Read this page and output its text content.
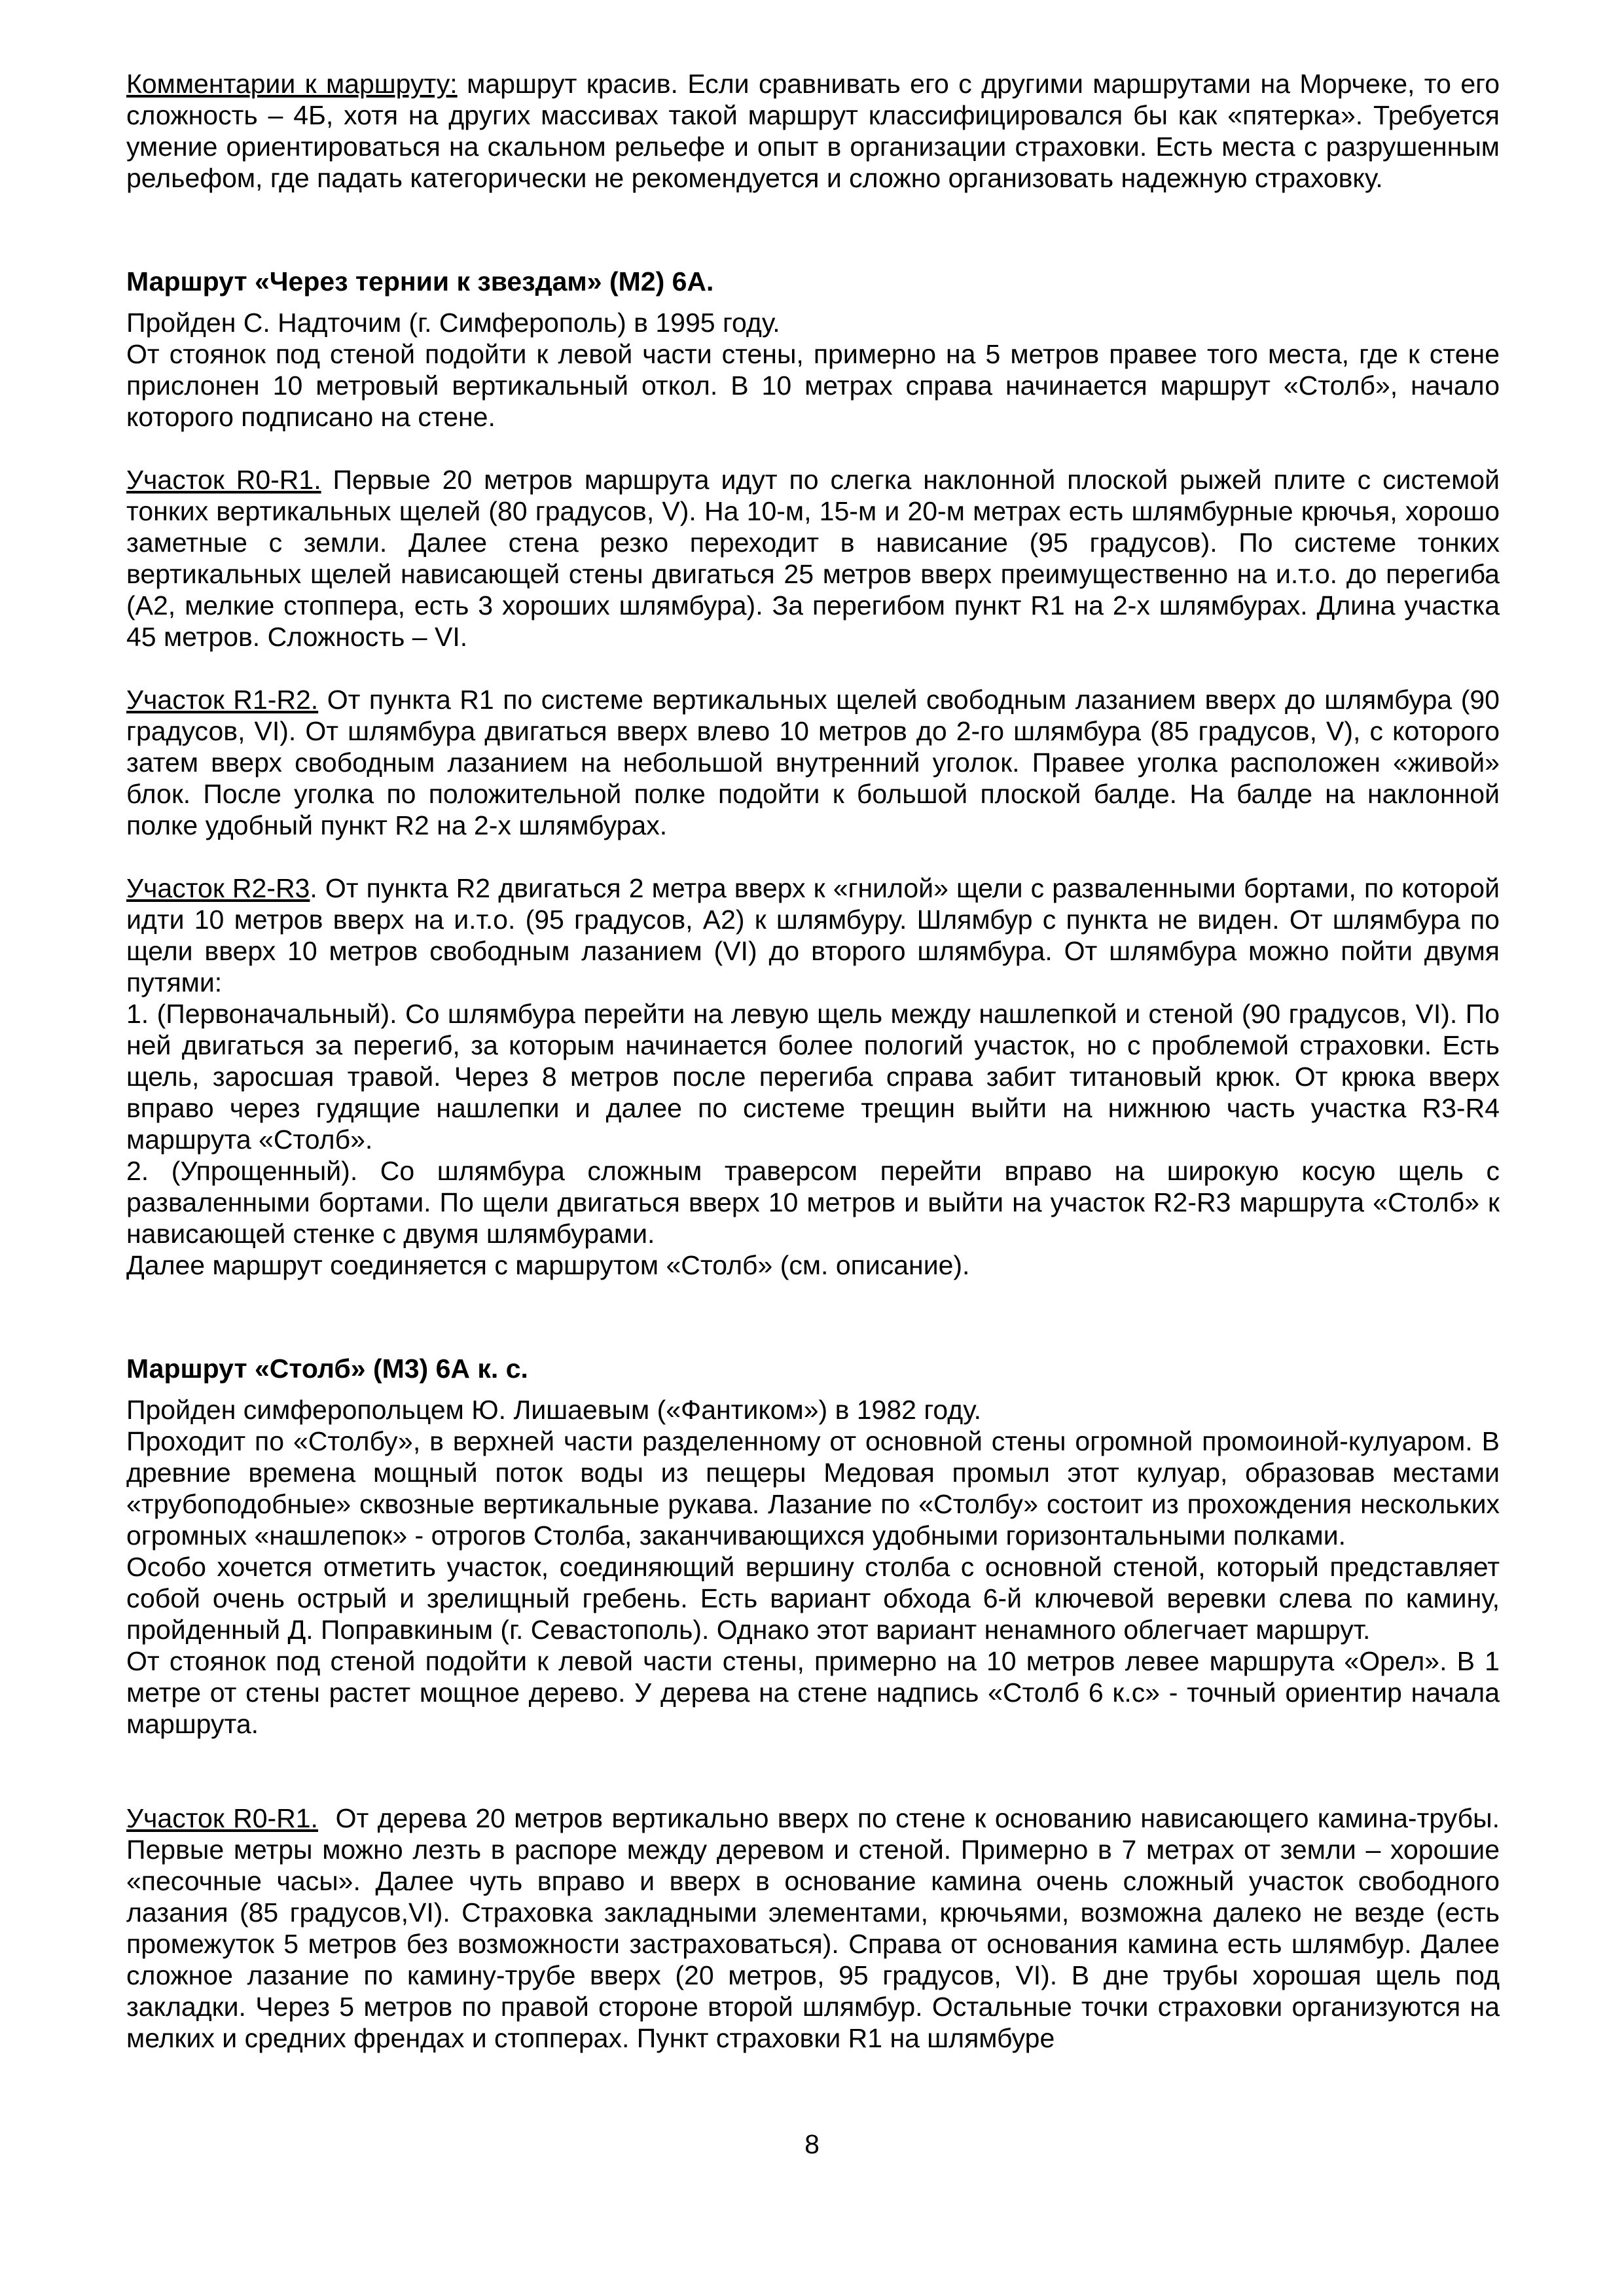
Комментарии к маршруту: маршрут красив. Если сравнивать его с другими маршрутами на Морчеке, то его сложность – 4Б, хотя на других массивах такой маршрут классифицировался бы как «пятерка». Требуется умение ориентироваться на скальном рельефе и опыт в организации страховки. Есть места с разрушенным рельефом, где падать категорически не рекомендуется и сложно организовать надежную страховку.

Маршрут «Через тернии к звездам» (М2) 6А.

Пройден С. Надточим (г. Симферополь) в 1995 году.

От стоянок под стеной подойти к левой части стены, примерно на 5 метров правее того места, где к стене прислонен 10 метровый вертикальный откол. В 10 метрах справа начинается маршрут «Столб», начало которого подписано на стене.

Участок R0-R1. Первые 20 метров маршрута идут по слегка наклонной плоской рыжей плите с системой тонких вертикальных щелей (80 градусов, V). На 10-м, 15-м и 20-м метрах есть шлямбурные крючья, хорошо заметные с земли. Далее стена резко переходит в нависание (95 градусов). По системе тонких вертикальных щелей нависающей стены двигаться 25 метров вверх преимущественно на и.т.о. до перегиба (А2, мелкие стоппера, есть 3 хороших шлямбура). За перегибом пункт R1 на 2-х шлямбурах. Длина участка 45 метров. Сложность – VI.

Участок R1-R2. От пункта R1 по системе вертикальных щелей свободным лазанием вверх до шлямбура (90 градусов, VI). От шлямбура двигаться вверх влево 10 метров до 2-го шлямбура (85 градусов, V), с которого затем вверх свободным лазанием на небольшой внутренний уголок. Правее уголка расположен «живой» блок. После уголка по положительной полке подойти к большой плоской балде. На балде на наклонной полке удобный пункт R2 на 2-х шлямбурах.

Участок R2-R3. От пункта R2 двигаться 2 метра вверх к «гнилой» щели с разваленными бортами, по которой идти 10 метров вверх на и.т.о. (95 градусов, А2) к шлямбуру. Шлямбур с пункта не виден. От шлямбура по щели вверх 10 метров свободным лазанием (VI) до второго шлямбура. От шлямбура можно пойти двумя путями:

1. (Первоначальный). Со шлямбура перейти на левую щель между нашлепкой и стеной (90 градусов, VI). По ней двигаться за перегиб, за которым начинается более пологий участок, но с проблемой страховки. Есть щель, заросшая травой. Через 8 метров после перегиба справа забит титановый крюк. От крюка вверх вправо через гудящие нашлепки и далее по системе трещин выйти на нижнюю часть участка R3-R4 маршрута «Столб».

2. (Упрощенный). Со шлямбура сложным траверсом перейти вправо на широкую косую щель с разваленными бортами. По щели двигаться вверх 10 метров и выйти на участок R2-R3 маршрута «Столб» к нависающей стенке с двумя шлямбурами.

Далее маршрут соединяется с маршрутом «Столб» (см. описание).

Маршрут «Столб» (М3) 6А к. с.

Пройден симферопольцем Ю. Лишаевым («Фантиком») в 1982 году.

Проходит по «Столбу», в верхней части разделенному от основной стены огромной промоиной-кулуаром. В древние времена мощный поток воды из пещеры Медовая промыл этот кулуар, образовав местами «трубоподобные» сквозные вертикальные рукава. Лазание по «Столбу» состоит из прохождения нескольких огромных «нашлепок» - отрогов Столба, заканчивающихся удобными горизонтальными полками.

Особо хочется отметить участок, соединяющий вершину столба с основной стеной, который представляет собой очень острый и зрелищный гребень. Есть вариант обхода 6-й ключевой веревки слева по камину, пройденный Д. Поправкиным (г. Севастополь). Однако этот вариант ненамного облегчает маршрут.

От стоянок под стеной подойти к левой части стены, примерно на 10 метров левее маршрута «Орел». В 1 метре от стены растет мощное дерево. У дерева на стене надпись «Столб 6 к.с» - точный ориентир начала маршрута.

Участок R0-R1.  От дерева 20 метров вертикально вверх по стене к основанию нависающего камина-трубы. Первые метры можно лезть в распоре между деревом и стеной. Примерно в 7 метрах от земли – хорошие «песочные часы». Далее чуть вправо и вверх в основание камина очень сложный участок свободного лазания (85 градусов,VI). Страховка закладными элементами, крючьями, возможна далеко не везде (есть промежуток 5 метров без возможности застраховаться). Справа от основания камина есть шлямбур. Далее сложное лазание по камину-трубе вверх (20 метров, 95 градусов, VI). В дне трубы хорошая щель под закладки. Через 5 метров по правой стороне второй шлямбур. Остальные точки страховки организуются на мелких и средних френдах и стопперах. Пункт страховки R1 на шлямбуре

8
